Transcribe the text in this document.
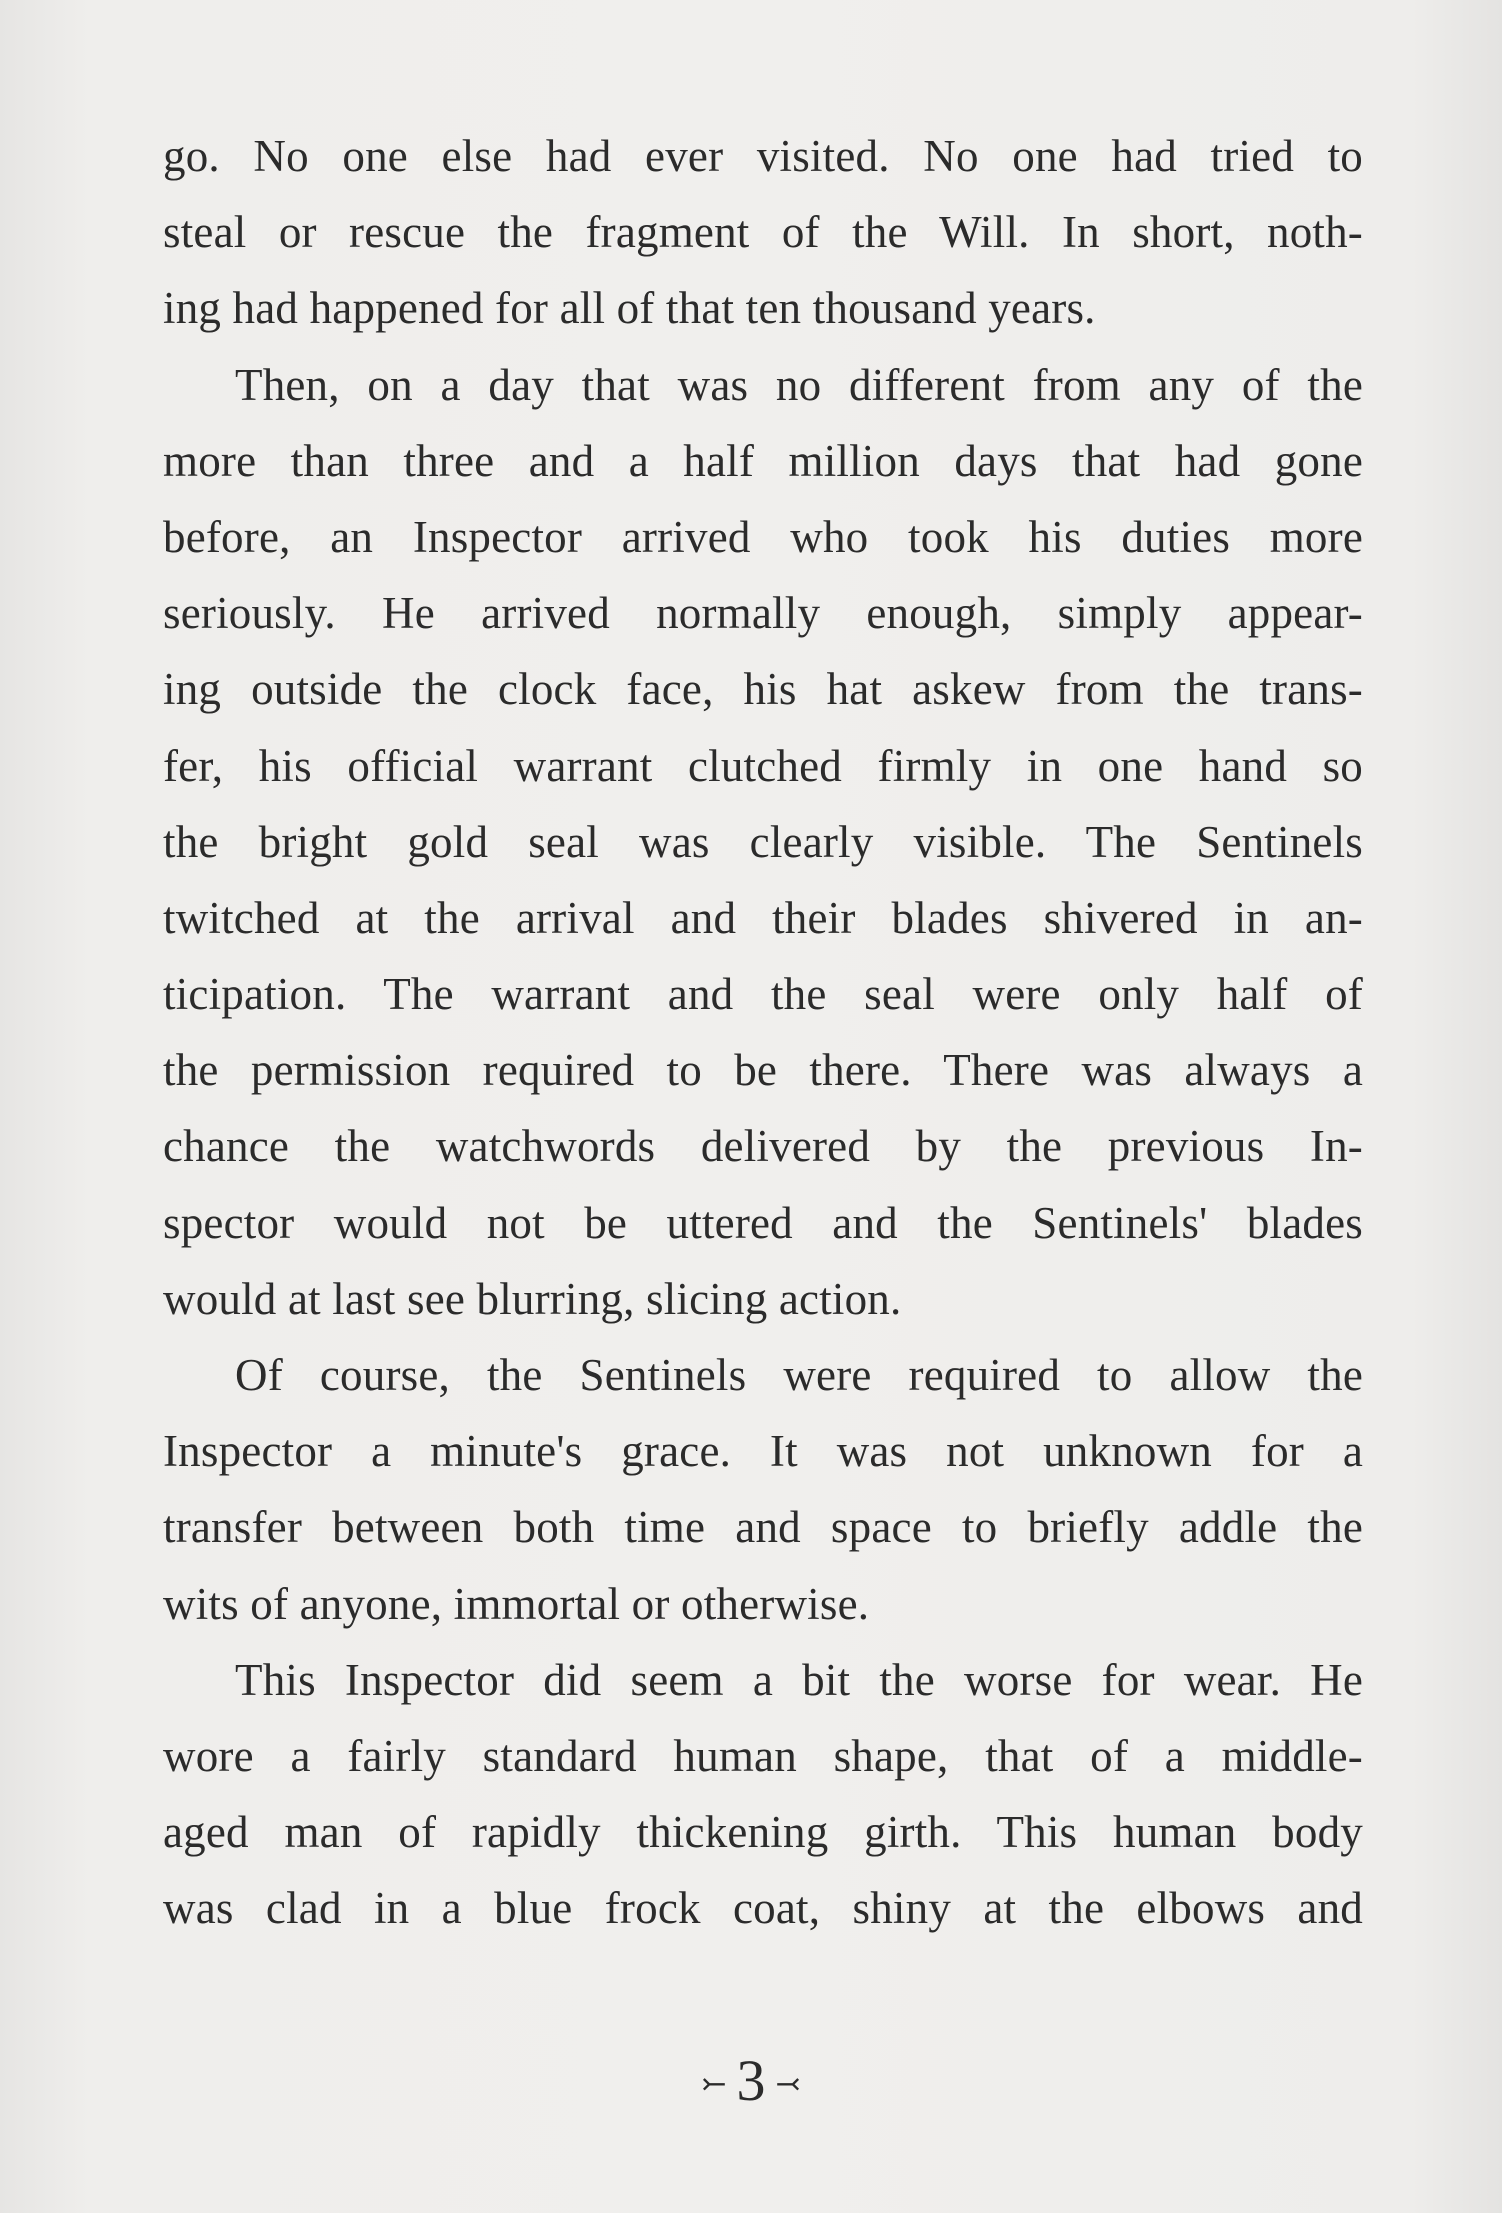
go. No one else had ever visited. No one had tried to
steal or rescue the fragment of the Will. In short, noth-
ing had happened for all of that ten thousand years.
Then, on a day that was no different from any of the
more than three and a half million days that had gone
before, an Inspector arrived who took his duties more
seriously. He arrived normally enough, simply appear-
ing outside the clock face, his hat askew from the trans-
fer, his official warrant clutched firmly in one hand so
the bright gold seal was clearly visible. The Sentinels
twitched at the arrival and their blades shivered in an-
ticipation. The warrant and the seal were only half of
the permission required to be there. There was always a
chance the watchwords delivered by the previous In-
spector would not be uttered and the Sentinels' blades
would at last see blurring, slicing action.
Of course, the Sentinels were required to allow the
Inspector a minute's grace. It was not unknown for a
transfer between both time and space to briefly addle the
wits of anyone, immortal or otherwise.
This Inspector did seem a bit the worse for wear. He
wore a fairly standard human shape, that of a middle-
aged man of rapidly thickening girth. This human body
was clad in a blue frock coat, shiny at the elbows and
⤚ 3 ⤙
